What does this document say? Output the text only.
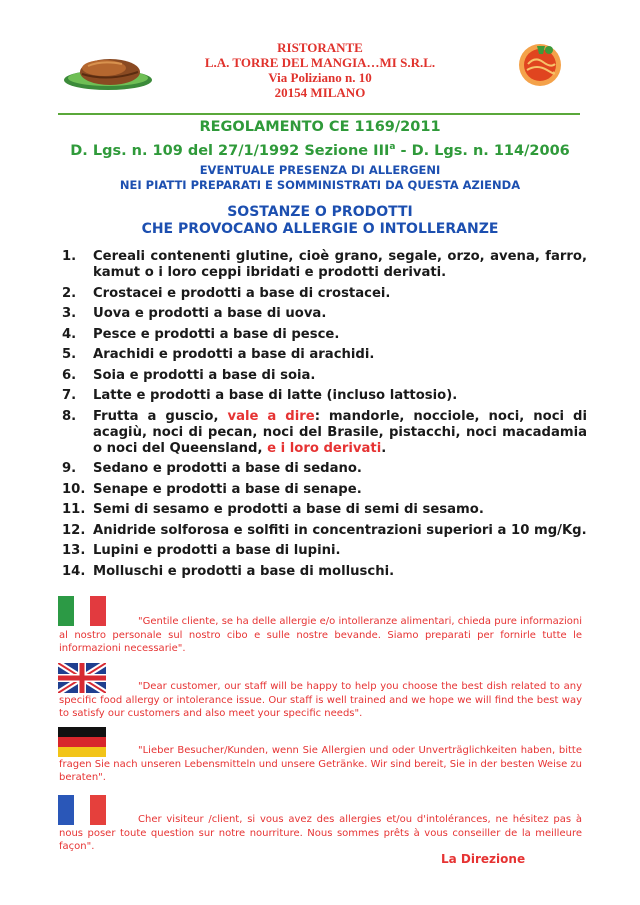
RISTORANTE
L.A. TORRE DEL MANGIA…MI S.R.L.
Via Poliziano n. 10
20154 MILANO
REGOLAMENTO CE 1169/2011
D. Lgs. n. 109 del 27/1/1992 Sezione III$^a$ - D. Lgs. n. 114/2006
EVENTUALE PRESENZA DI ALLERGENI
NEI PIATTI PREPARATI E SOMMINISTRATI DA QUESTA AZIENDA
SOSTANZE O PRODOTTI
CHE PROVOCANO ALLERGIE O INTOLLERANZE
1.	Cereali contenenti glutine, cioè grano, segale, orzo, avena, farro, kamut o i loro ceppi ibridati e prodotti derivati.
2.	Crostacei e prodotti a base di crostacei.
3.	Uova e prodotti a base di uova.
4.	Pesce e prodotti a base di pesce.
5.	Arachidi e prodotti a base di arachidi.
6.	Soia e prodotti a base di soia.
7.	Latte e prodotti a base di latte (incluso lattosio).
8.	Frutta a guscio, vale a dire: mandorle, nocciole, noci, noci di acagiù, noci di pecan, noci del Brasile, pistacchi, noci macadamia o noci del Queensland, e i loro derivati.
9.	Sedano e prodotti a base di sedano.
10. Senape e prodotti a base di senape.
11. Semi di sesamo e prodotti a base di semi di sesamo.
12. Anidride solforosa e solfiti in concentrazioni superiori a 10 mg/Kg.
13. Lupini e prodotti a base di lupini.
14. Molluschi e prodotti a base di molluschi.
"Gentile cliente, se ha delle allergie e/o intolleranze alimentari, chieda pure informazioni al nostro personale sul nostro cibo e sulle nostre bevande. Siamo preparati per fornirle tutte le informazioni necessarie".
"Dear customer, our staff will be happy to help you choose the best dish related to any specific food allergy or intolerance issue. Our staff is well trained and we hope we will find the best way to satisfy our customers and also meet your specific needs".
"Lieber Besucher/Kunden, wenn Sie Allergien und oder Unverträglichkeiten haben, bitte fragen Sie nach unseren Lebensmitteln und unsere Getränke. Wir sind bereit, Sie in der besten Weise zu beraten".
Cher visiteur /client, si vous avez des allergies et/ou d'intolérances, ne hésitez pas à nous poser toute question sur notre nourriture. Nous sommes prêts à vous conseiller de la meilleure façon".
La Direzione
